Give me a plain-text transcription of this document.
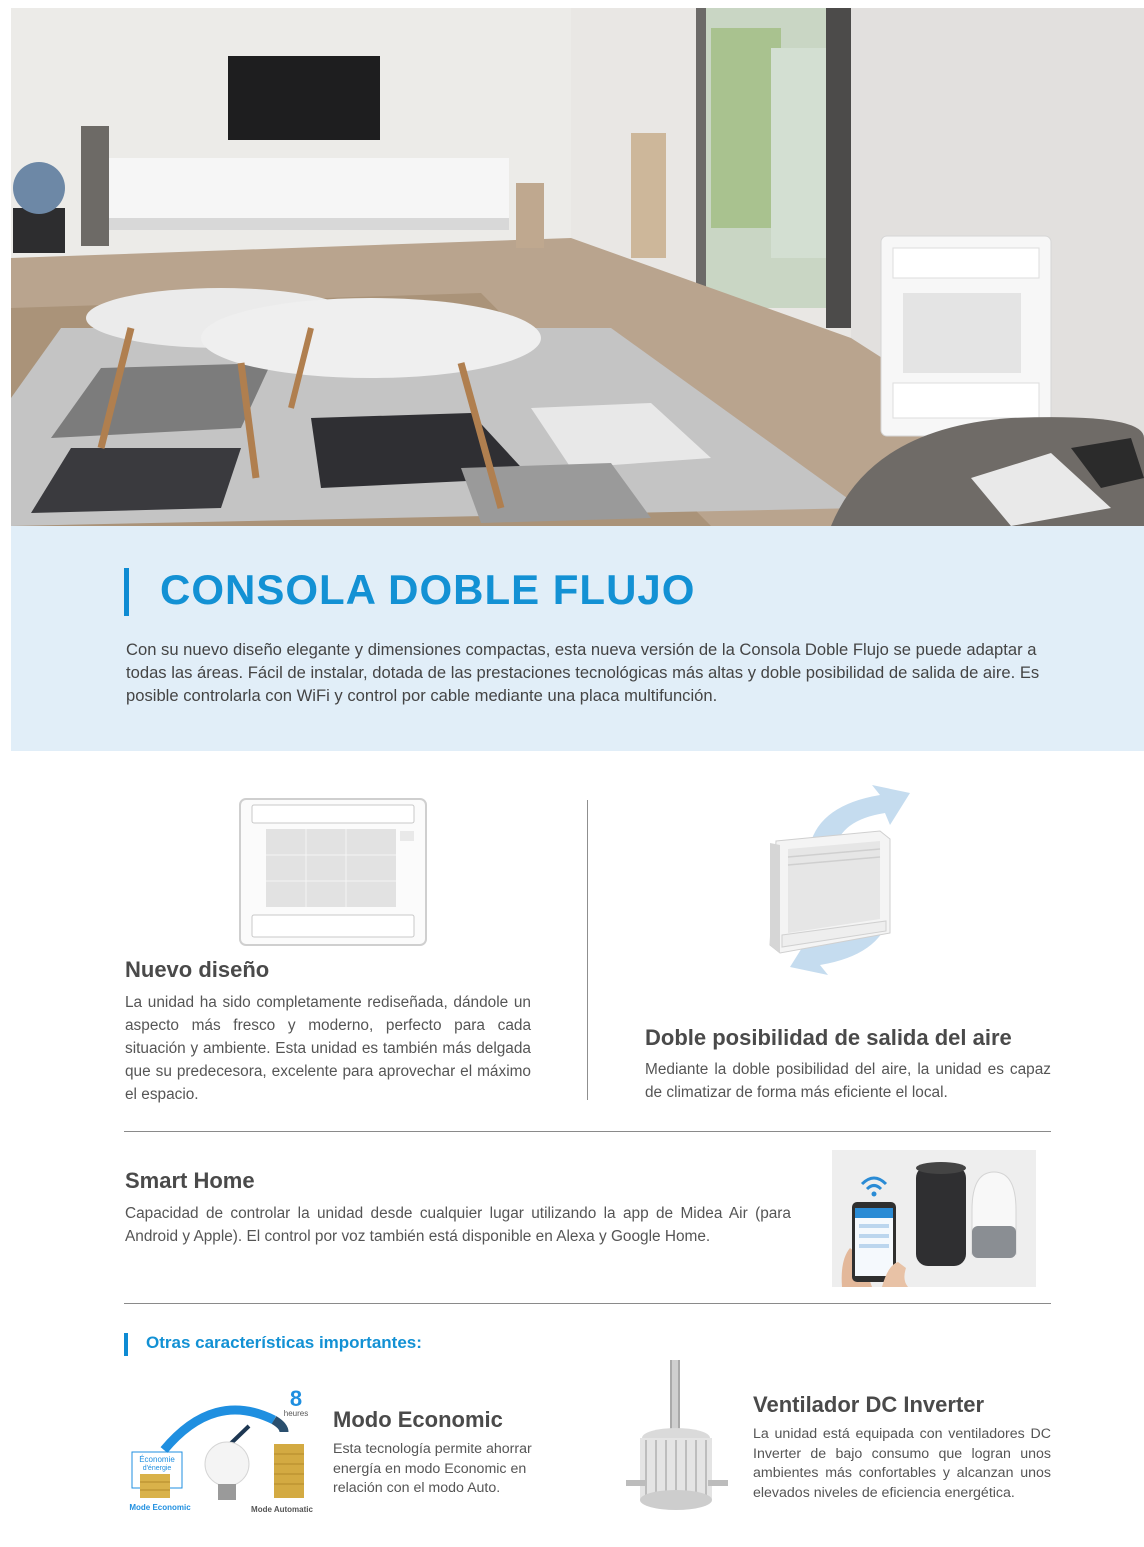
CONSOLA DOBLE FLUJO

Con su nuevo diseño elegante y dimensiones compactas, esta nueva versión de la Consola Doble Flujo se puede adaptar a todas las áreas. Fácil de instalar, dotada de las prestaciones tecnológicas más altas y doble posibilidad de salida de aire. Es posible controlarla con WiFi y control por cable mediante una placa multifunción.

Nuevo diseño

La unidad ha sido completamente rediseñada, dándole un aspecto más fresco y moderno, perfecto para cada situación y ambiente. Esta unidad es también más delgada que su predecesora, excelente para aprovechar el máximo el espacio.

Doble posibilidad de salida del aire

Mediante la doble posibilidad del aire, la unidad es capaz de climatizar de forma más eficiente el local.

Smart Home

Capacidad de controlar la unidad desde cualquier lugar utilizando la app de Midea Air (para Android y Apple). El control por voz también está disponible en Alexa y Google Home.

Otras características importantes:
8
heures
Économie
d'énergie
Mode Economic	Mode Automatic
Modo Economic

Esta tecnología permite ahorrar energía en modo Economic en relación con el modo Auto.

Ventilador DC Inverter

La unidad está equipada con ventiladores DC Inverter de bajo consumo que logran unos ambientes más confortables y alcanzan unos elevados niveles de eficiencia energética.
